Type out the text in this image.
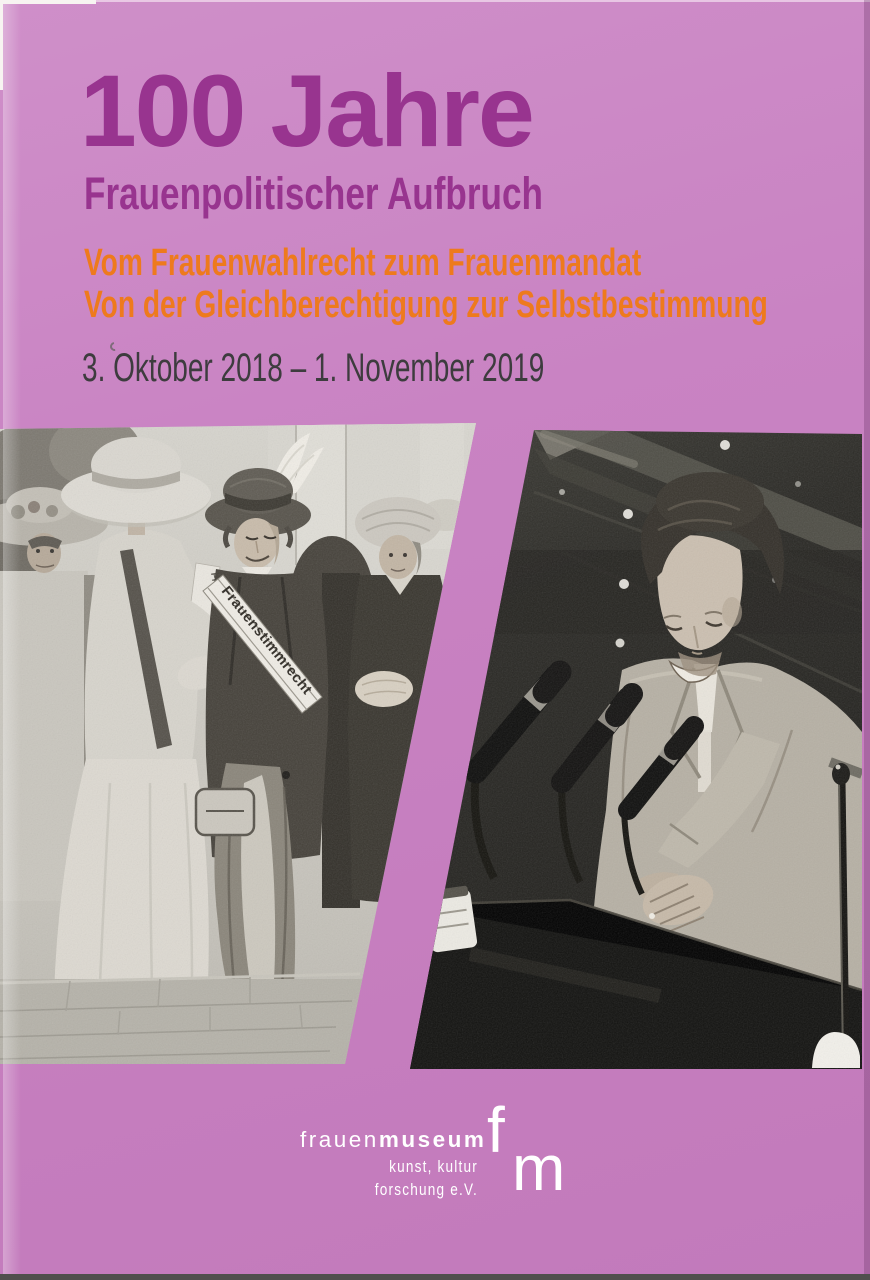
100 Jahre
Frauenpolitischer Aufbruch
Vom Frauenwahlrecht zum Frauenmandat
Von der Gleichberechtigung zur Selbstbestimmung
3. Oktober 2018 – 1. November 2019
frauenmuseum
kunst, kultur
forschung e.V.
f
m
